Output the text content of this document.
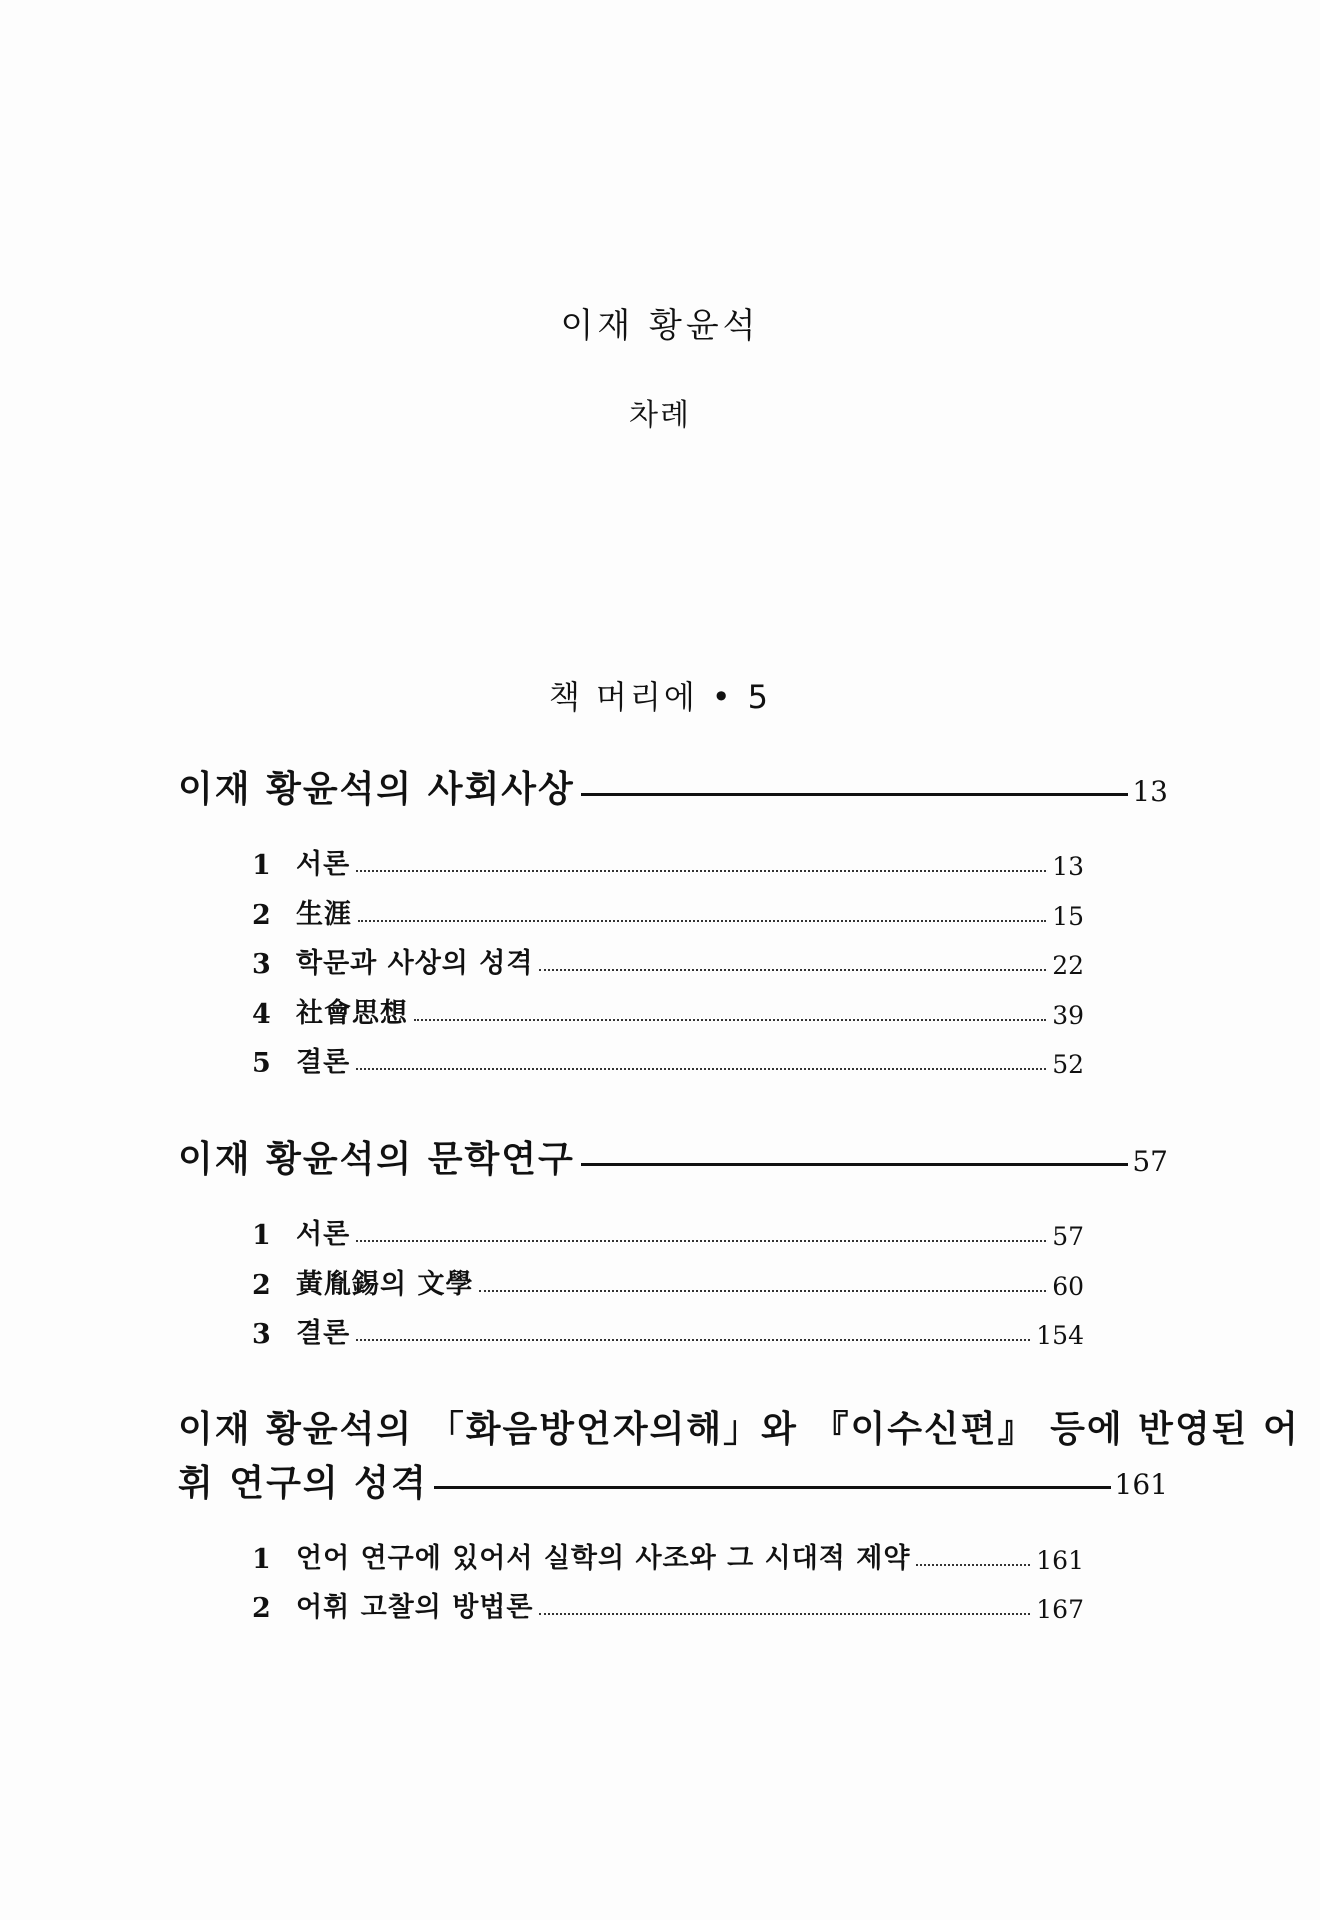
이재 황윤석
차례
책 머리에 • 5
이재 황윤석의 사회사상	13
1 서론	13
2 生涯	15
3 학문과 사상의 성격	22
4 社會思想	39
5 결론	52
이재 황윤석의 문학연구	57
1 서론	57
2 黃胤錫의 文學	60
3 결론	154
이재 황윤석의 「화음방언자의해」와 『이수신편』 등에 반영된 어
휘 연구의 성격	161
1 언어 연구에 있어서 실학의 사조와 그 시대적 제약	161
2 어휘 고찰의 방법론	167
